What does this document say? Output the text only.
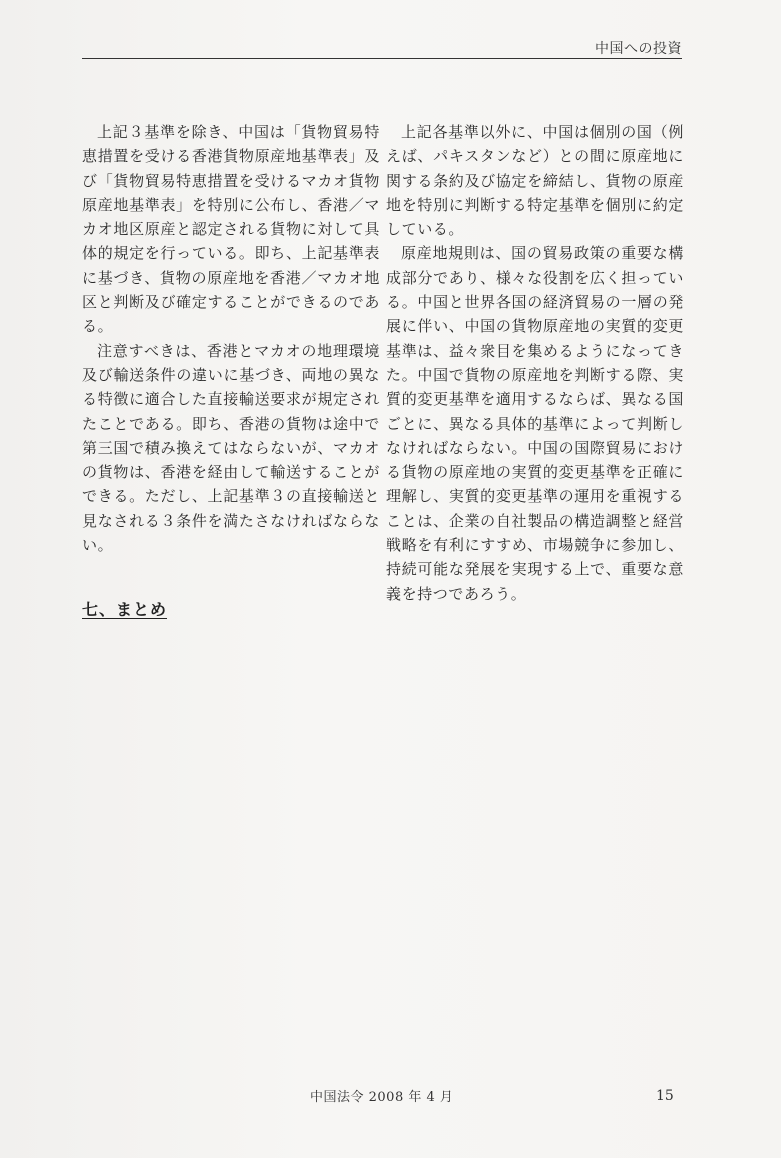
中国への投資

上記３基準を除き、中国は「貨物貿易特恵措置を受ける香港貨物原産地基準表」及び「貨物貿易特恵措置を受けるマカオ貨物原産地基準表」を特別に公布し、香港／マカオ地区原産と認定される貨物に対して具体的規定を行っている。即ち、上記基準表に基づき、貨物の原産地を香港／マカオ地区と判断及び確定することができるのである。

注意すべきは、香港とマカオの地理環境及び輸送条件の違いに基づき、両地の異なる特徴に適合した直接輸送要求が規定されたことである。即ち、香港の貨物は途中で第三国で積み換えてはならないが、マカオの貨物は、香港を経由して輸送することができる。ただし、上記基準３の直接輸送と見なされる３条件を満たさなければならない。

七、まとめ

上記各基準以外に、中国は個別の国（例えば、パキスタンなど）との間に原産地に関する条約及び協定を締結し、貨物の原産地を特別に判断する特定基準を個別に約定している。

原産地規則は、国の貿易政策の重要な構成部分であり、様々な役割を広く担っている。中国と世界各国の経済貿易の一層の発展に伴い、中国の貨物原産地の実質的変更基準は、益々衆目を集めるようになってきた。中国で貨物の原産地を判断する際、実質的変更基準を適用するならば、異なる国ごとに、異なる具体的基準によって判断しなければならない。中国の国際貿易における貨物の原産地の実質的変更基準を正確に理解し、実質的変更基準の運用を重視することは、企業の自社製品の構造調整と経営戦略を有利にすすめ、市場競争に参加し、持続可能な発展を実現する上で、重要な意義を持つであろう。

中国法令 2008 年 4 月	15
